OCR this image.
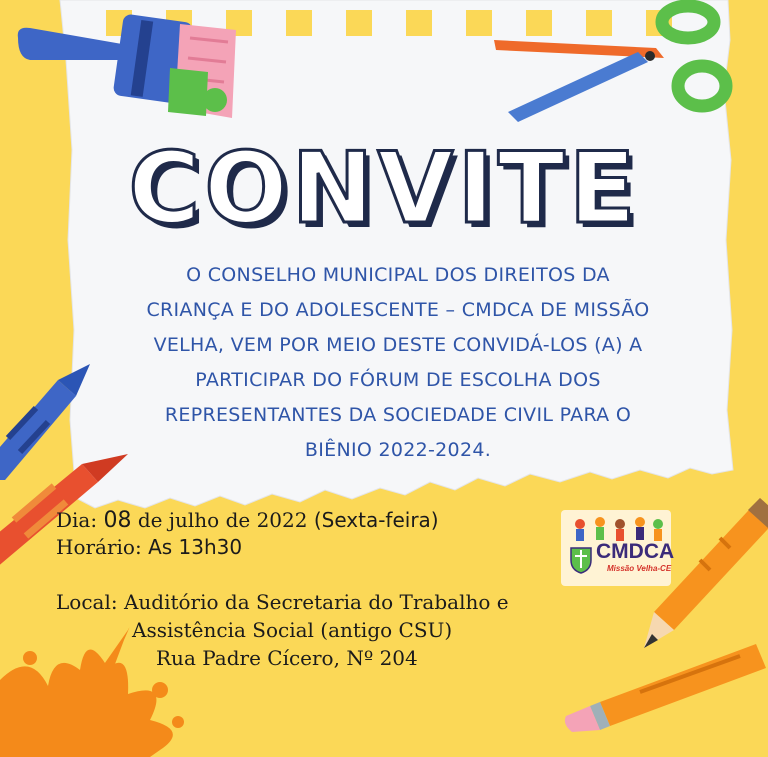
CONVITE
O CONSELHO MUNICIPAL DOS DIREITOS DA
CRIANÇA E DO ADOLESCENTE – CMDCA DE MISSÃO
VELHA, VEM POR MEIO DESTE CONVIDÁ-LOS (A) A
PARTICIPAR DO FÓRUM DE ESCOLHA DOS
REPRESENTANTES DA SOCIEDADE CIVIL PARA O
BIÊNIO 2022-2024.
Dia: 08 de julho de 2022 (Sexta-feira)
Horário: As 13h30
Local: Auditório da Secretaria do Trabalho e
Assistência Social (antigo CSU)
Rua Padre Cícero, Nº 204
CMDCA
Missão Velha-CE
